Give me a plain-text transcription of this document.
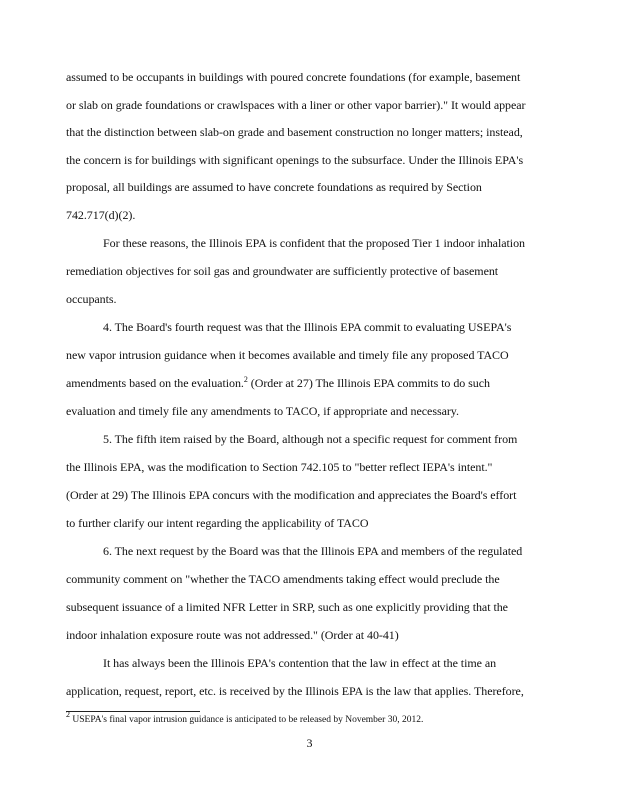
assumed to be occupants in buildings with poured concrete foundations (for example, basement
or slab on grade foundations or crawlspaces with a liner or other vapor barrier)." It would appear
that the distinction between slab-on grade and basement construction no longer matters; instead,
the concern is for buildings with significant openings to the subsurface. Under the Illinois EPA's
proposal, all buildings are assumed to have concrete foundations as required by Section
742.717(d)(2).
For these reasons, the Illinois EPA is confident that the proposed Tier 1 indoor inhalation
remediation objectives for soil gas and groundwater are sufficiently protective of basement
occupants.
4. The Board's fourth request was that the Illinois EPA commit to evaluating USEPA's
new vapor intrusion guidance when it becomes available and timely file any proposed TACO
amendments based on the evaluation.$^2$ (Order at 27) The Illinois EPA commits to do such
evaluation and timely file any amendments to TACO, if appropriate and necessary.
5. The fifth item raised by the Board, although not a specific request for comment from
the Illinois EPA, was the modification to Section 742.105 to "better reflect IEPA's intent."
(Order at 29) The Illinois EPA concurs with the modification and appreciates the Board's effort
to further clarify our intent regarding the applicability of TACO
6. The next request by the Board was that the Illinois EPA and members of the regulated
community comment on "whether the TACO amendments taking effect would preclude the
subsequent issuance of a limited NFR Letter in SRP, such as one explicitly providing that the
indoor inhalation exposure route was not addressed." (Order at 40-41)
It has always been the Illinois EPA's contention that the law in effect at the time an
application, request, report, etc. is received by the Illinois EPA is the law that applies. Therefore,
$^2$ USEPA's final vapor intrusion guidance is anticipated to be released by November 30, 2012.
3
